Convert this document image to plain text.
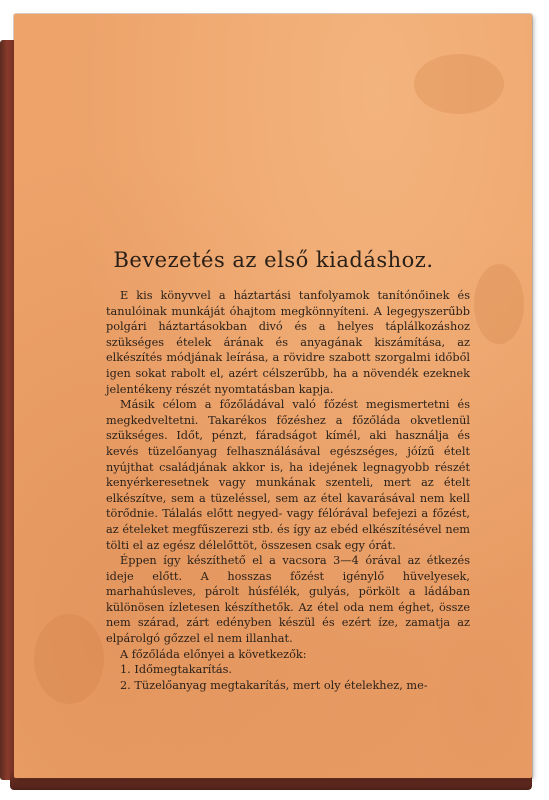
Bevezetés az első kiadáshoz.

E kis könyvvel a háztartási tanfolyamok tanítónőinek és tanulóinak munkáját óhajtom megkönnyíteni. A legegyszerűbb polgári háztartásokban divó és a helyes táplálkozáshoz szükséges ételek árának és anyagának kiszámítása, az elkészítés módjának leírása, a rövidre szabott szorgalmi időből igen sokat rabolt el, azért célszerűbb, ha a növendék ezeknek jelentékeny részét nyomtatásban kapja.

Másik célom a főzőládával való főzést megismertetni és megkedveltetni. Takarékos főzéshez a főzőláda okvetlenül szükséges. Időt, pénzt, fáradságot kímél, aki használja és kevés tüzelőanyag felhasználásával egészséges, jóízű ételt nyújthat családjának akkor is, ha idejének legnagyobb részét kenyérkeresetnek vagy munkának szenteli, mert az ételt elkészítve, sem a tüzeléssel, sem az étel kavarásával nem kell törődnie. Tálalás előtt negyed- vagy félórával befejezi a főzést, az ételeket megfűszerezi stb. és így az ebéd elkészítésével nem tölti el az egész délelőttöt, összesen csak egy órát.

Éppen így készíthető el a vacsora 3—4 órával az étkezés ideje előtt. A hosszas főzést igénylő hüvelyesek, marhahúsleves, párolt húsfélék, gulyás, pörkölt a ládában különösen ízletesen készíthetők. Az étel oda nem éghet, össze nem szárad, zárt edényben készül és ezért íze, zamatja az elpárolgó gőzzel el nem illanhat.

A főzőláda előnyei a következők:

1. Időmegtakarítás.
2. Tüzelőanyag megtakarítás, mert oly ételekhez, me-
